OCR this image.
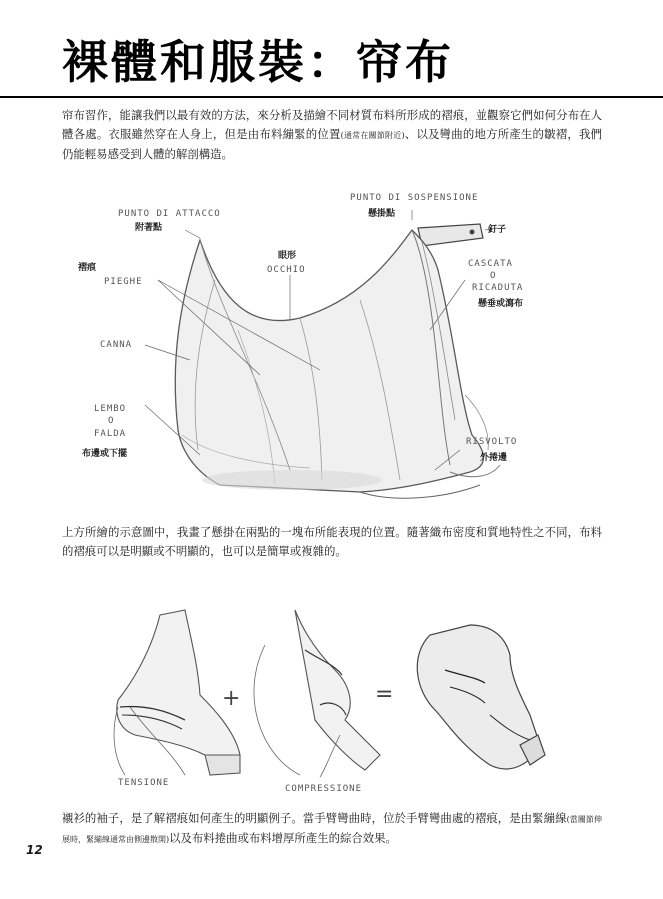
裸體和服裝：帘布

帘布習作，能讓我們以最有效的方法，來分析及描繪不同材質布料所形成的褶痕，並觀察它們如何分布在人體各處。衣服雖然穿在人身上，但是由布料繃緊的位置(通常在關節附近)、以及彎曲的地方所產生的皺褶，我們仍能輕易感受到人體的解剖構造。

PUNTO DI ATTACCO
附著點
PUNTO DI SOSPENSIONE
懸掛點
釘子
眼形
OCCHIO
褶痕
PIEGHE
CASCATA
O
RICADUTA
懸垂或瀉布
CANNA
LEMBO
O
FALDA
布邊或下擺
RISVOLTO
外捲邊

上方所繪的示意圖中，我畫了懸掛在兩點的一塊布所能表現的位置。隨著織布密度和質地特性之不同，布料的褶痕可以是明顯或不明顯的，也可以是簡單或複雜的。

+	=
TENSIONE
COMPRESSIONE

襯衫的袖子，是了解褶痕如何產生的明顯例子。當手臂彎曲時，位於手臂彎曲處的褶痕，是由緊繃線(當關節伸展時，緊繃線通常由側邊散開)以及布料捲曲或布料增厚所產生的綜合效果。

12
